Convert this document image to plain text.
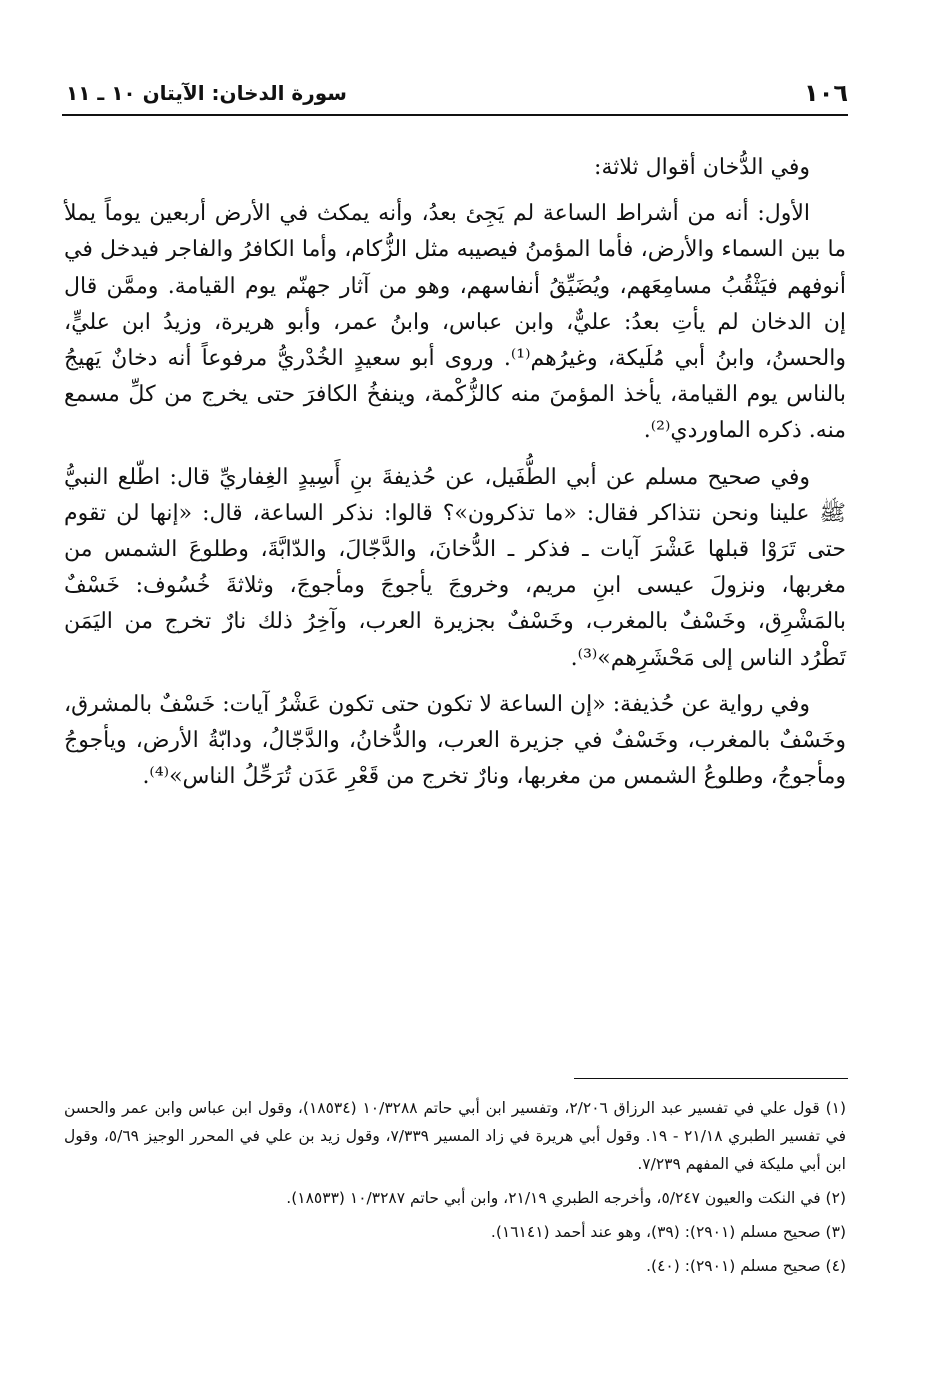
١٠٦
سورة الدخان: الآيتان ١٠ ـ ١١

وفي الدُّخان أقوال ثلاثة:

الأول: أنه من أشراط الساعة لم يَجِئ بعدُ، وأنه يمكث في الأرض أربعين يوماً يملأ ما بين السماء والأرض، فأما المؤمنُ فيصيبه مثل الزُّكام، وأما الكافرُ والفاجر فيدخل في أنوفهم فيَثْقُبُ مسامِعَهم، ويُضَيِّقُ أنفاسهم، وهو من آثار جهنّم يوم القيامة. وممَّن قال إن الدخان لم يأتِ بعدُ: عليٌّ، وابن عباس، وابنُ عمر، وأبو هريرة، وزيدُ ابن عليٍّ، والحسنُ، وابنُ أبي مُلَيكة، وغيرُهم⁽¹⁾. وروى أبو سعيدٍ الخُدْريُّ مرفوعاً أنه دخانٌ يَهيجُ بالناس يوم القيامة، يأخذ المؤمنَ منه كالزُّكْمة، وينفخُ الكافرَ حتى يخرج من كلِّ مسمع منه. ذكره الماوردي⁽²⁾.

وفي صحيح مسلم عن أبي الطُّفَيل، عن حُذيفةَ بنِ أَسِيدٍ الغِفاريِّ قال: اطّلع النبيُّ ﷺ علينا ونحن نتذاكر فقال: «ما تذكرون»؟ قالوا: نذكر الساعة، قال: «إنها لن تقوم حتى تَرَوْا قبلها عَشْرَ آيات ـ فذكر ـ الدُّخانَ، والدَّجّالَ، والدّابَّةَ، وطلوعَ الشمس من مغربها، ونزولَ عيسى ابنِ مريم، وخروجَ يأجوجَ ومأجوجَ، وثلاثةَ خُسُوف: خَسْفٌ بالمَشْرِق، وخَسْفٌ بالمغرب، وخَسْفٌ بجزيرة العرب، وآخِرُ ذلك نارٌ تخرج من اليَمَن تَطْرُد الناس إلى مَحْشَرِهم»⁽³⁾.

وفي رواية عن حُذيفة: «إن الساعة لا تكون حتى تكون عَشْرُ آيات: خَسْفٌ بالمشرق، وخَسْفٌ بالمغرب، وخَسْفٌ في جزيرة العرب، والدُّخانُ، والدَّجّالُ، ودابّةُ الأرض، ويأجوجُ ومأجوجُ، وطلوعُ الشمس من مغربها، ونارٌ تخرج من قَعْرِ عَدَن تُرَحِّلُ الناس»⁽⁴⁾.

(١) قول علي في تفسير عبد الرزاق ٢/٢٠٦، وتفسير ابن أبي حاتم ١٠/٣٢٨٨ (١٨٥٣٤)، وقول ابن عباس وابن عمر والحسن في تفسير الطبري ٢١/١٨ - ١٩. وقول أبي هريرة في زاد المسير ٧/٣٣٩، وقول زيد بن علي في المحرر الوجيز ٥/٦٩، وقول ابن أبي مليكة في المفهم ٧/٢٣٩.

(٢) في النكت والعيون ٥/٢٤٧، وأخرجه الطبري ٢١/١٩، وابن أبي حاتم ١٠/٣٢٨٧ (١٨٥٣٣).

(٣) صحيح مسلم (٢٩٠١): (٣٩)، وهو عند أحمد (١٦١٤١).

(٤) صحيح مسلم (٢٩٠١): (٤٠).
